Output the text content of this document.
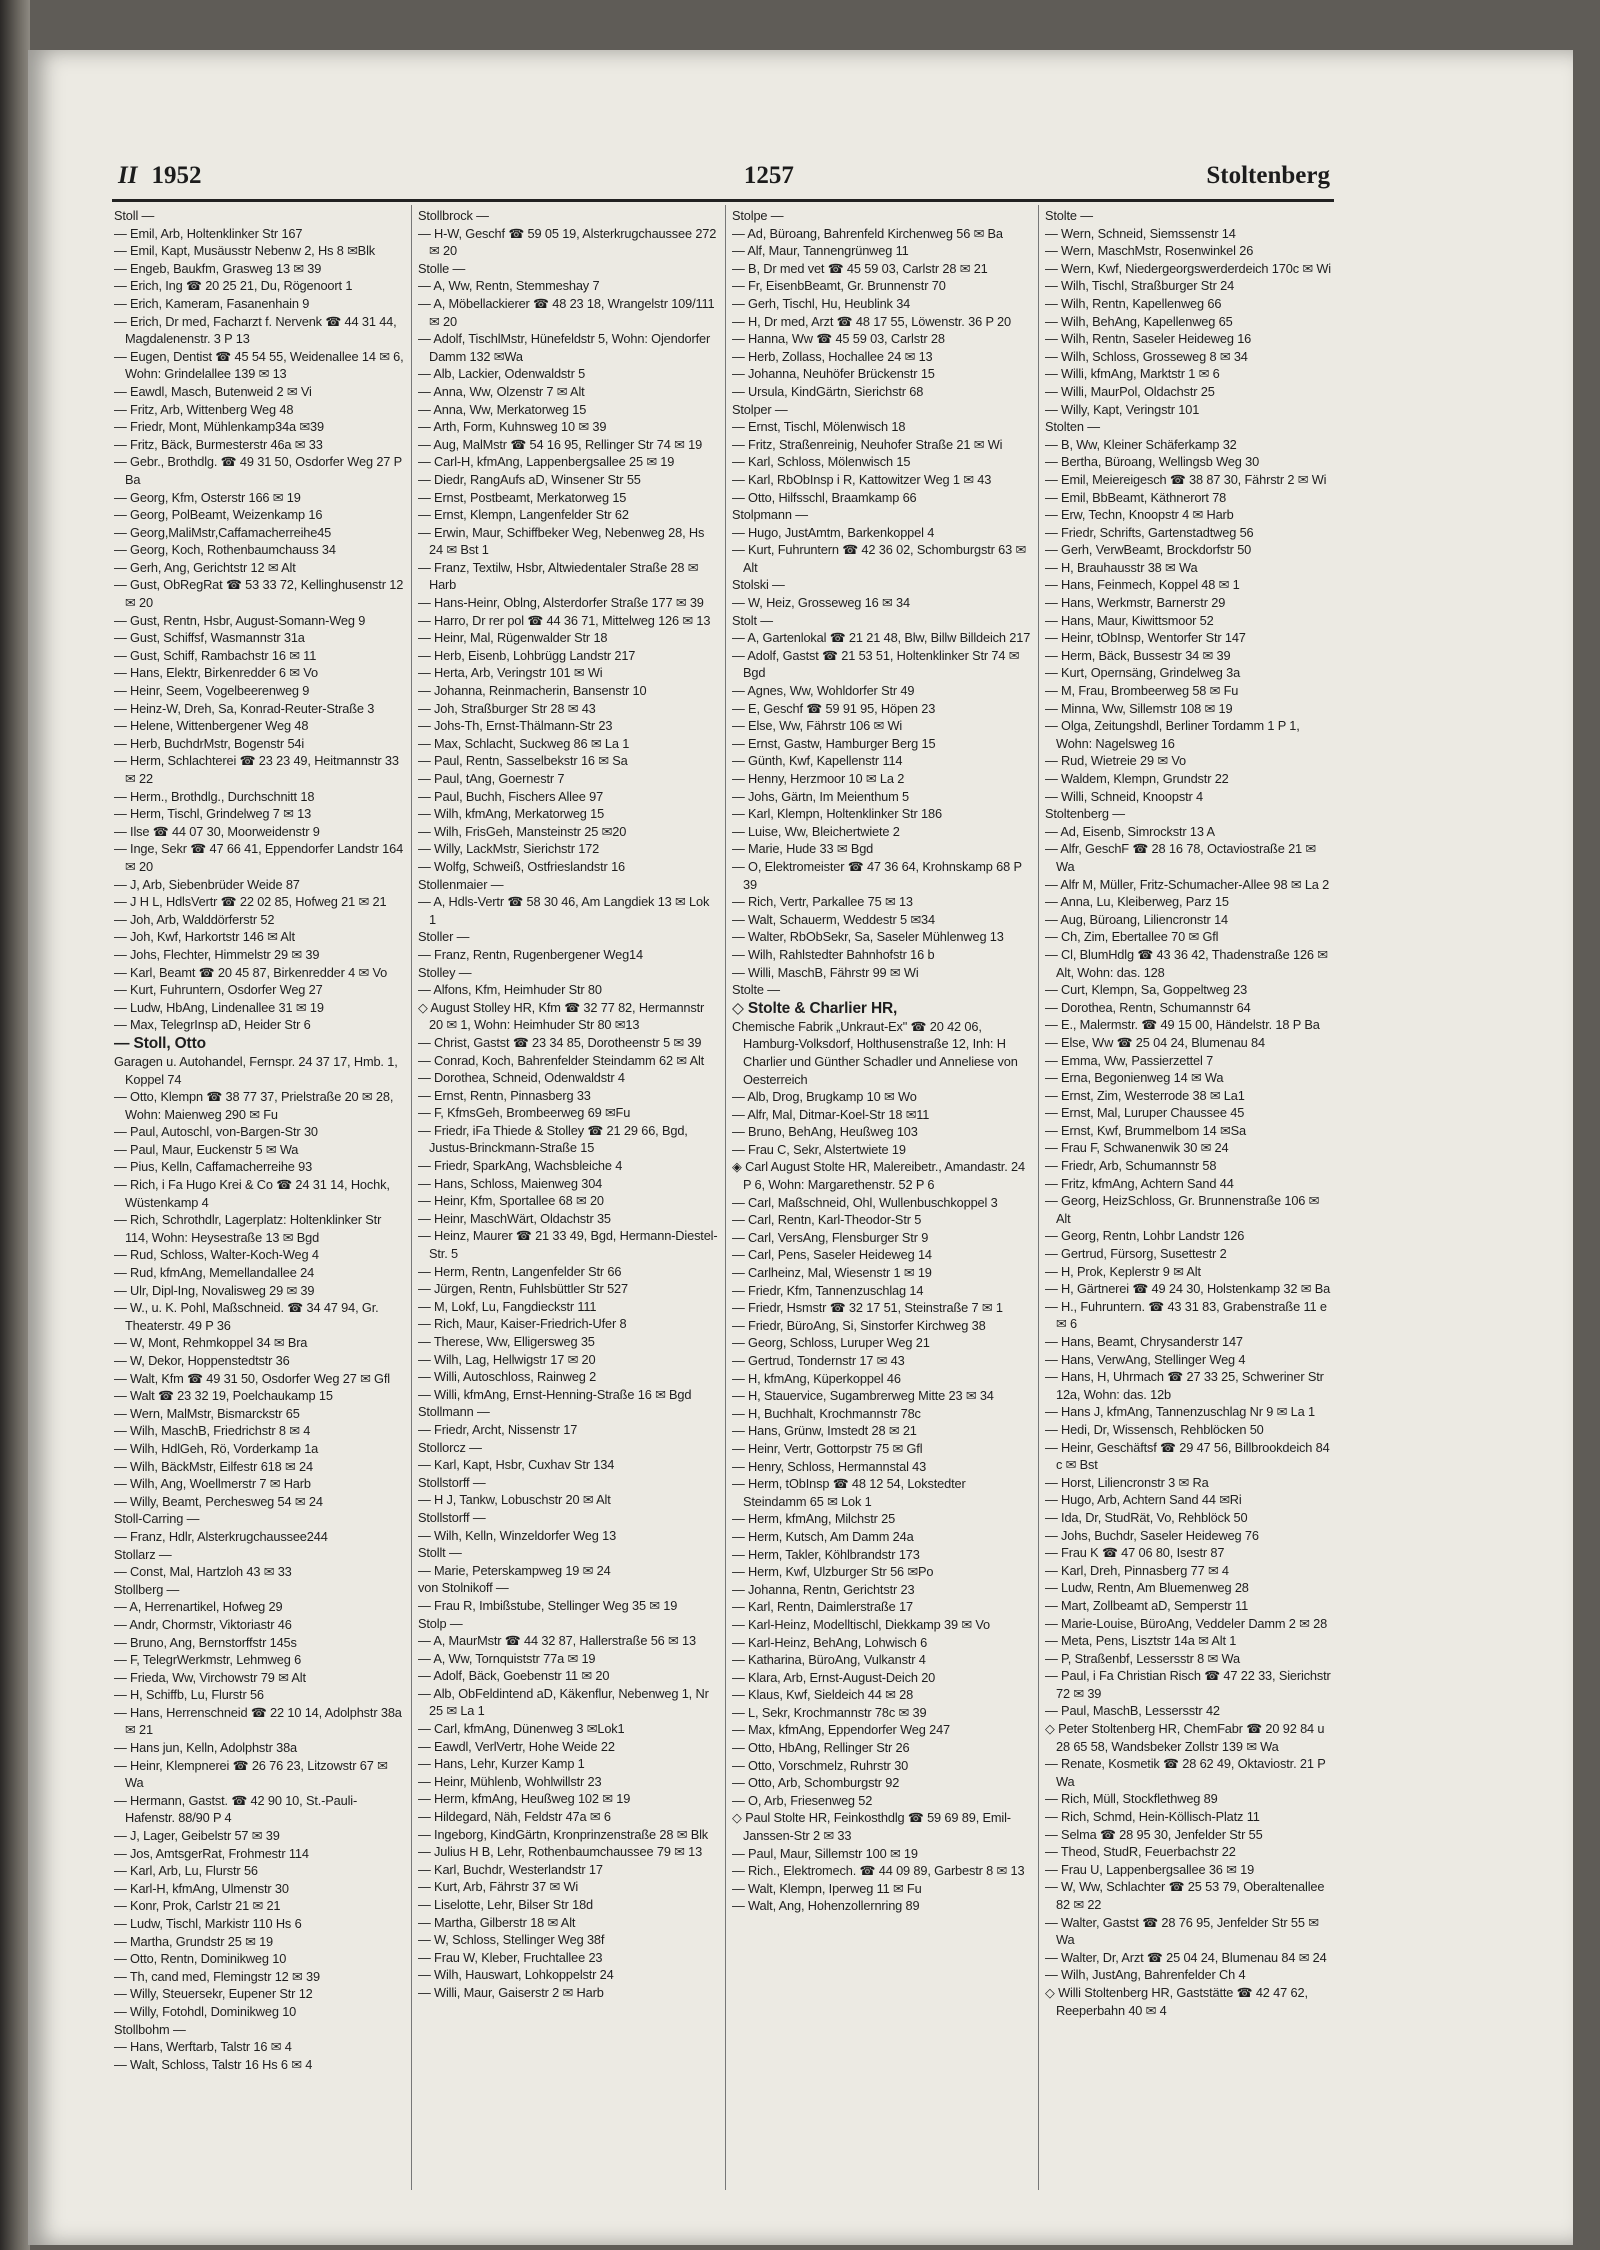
II 1952	1257	Stoltenberg
Stoll —
— Emil, Arb, Holtenklinker Str 167
— Emil, Kapt, Musäusstr Nebenw 2, Hs 8 ✉Blk
— Engeb, Baukfm, Grasweg 13 ✉ 39
— Erich, Ing ☎ 20 25 21, Du, Rögenoort 1
— Erich, Kameram, Fasanenhain 9
— Erich, Dr med, Facharzt f. Nervenk ☎ 44 31 44, Magdalenenstr. 3 P 13
— Eugen, Dentist ☎ 45 54 55, Weidenallee 14 ✉ 6, Wohn: Grindelallee 139 ✉ 13
— Eawdl, Masch, Butenweid 2 ✉ Vi
— Fritz, Arb, Wittenberg Weg 48
— Friedr, Mont, Mühlenkamp34a ✉39
— Fritz, Bäck, Burmesterstr 46a ✉ 33
— Gebr., Brothdlg. ☎ 49 31 50, Osdorfer Weg 27 P Ba
— Georg, Kfm, Osterstr 166 ✉ 19
— Georg, PolBeamt, Weizenkamp 16
— Georg,MaliMstr,Caffamacherreihe45
— Georg, Koch, Rothenbaumchauss 34
— Gerh, Ang, Gerichtstr 12 ✉ Alt
— Gust, ObRegRat ☎ 53 33 72, Kellinghusenstr 12 ✉ 20
— Gust, Rentn, Hsbr, August-Somann-Weg 9
— Gust, Schiffsf, Wasmannstr 31a
— Gust, Schiff, Rambachstr 16 ✉ 11
— Hans, Elektr, Birkenredder 6 ✉ Vo
— Heinr, Seem, Vogelbeerenweg 9
— Heinz-W, Dreh, Sa, Konrad-Reuter-Straße 3
— Helene, Wittenbergener Weg 48
— Herb, BuchdrMstr, Bogenstr 54i
— Herm, Schlachterei ☎ 23 23 49, Heitmannstr 33 ✉ 22
— Herm., Brothdlg., Durchschnitt 18
— Herm, Tischl, Grindelweg 7 ✉ 13
— Ilse ☎ 44 07 30, Moorweidenstr 9
— Inge, Sekr ☎ 47 66 41, Eppendorfer Landstr 164 ✉ 20
— J, Arb, Siebenbrüder Weide 87
— J H L, HdlsVertr ☎ 22 02 85, Hofweg 21 ✉ 21
— Joh, Arb, Walddörferstr 52
— Joh, Kwf, Harkortstr 146 ✉ Alt
— Johs, Flechter, Himmelstr 29 ✉ 39
— Karl, Beamt ☎ 20 45 87, Birkenredder 4 ✉ Vo
— Kurt, Fuhruntern, Osdorfer Weg 27
— Ludw, HbAng, Lindenallee 31 ✉ 19
— Max, TelegrInsp aD, Heider Str 6
— Stoll, Otto
Garagen u. Autohandel, Fernspr. 24 37 17, Hmb. 1, Koppel 74
— Otto, Klempn ☎ 38 77 37, Prielstraße 20 ✉ 28, Wohn: Maienweg 290 ✉ Fu
— Paul, Autoschl, von-Bargen-Str 30
— Paul, Maur, Euckenstr 5 ✉ Wa
— Pius, Kelln, Caffamacherreihe 93
— Rich, i Fa Hugo Krei & Co ☎ 24 31 14, Hochk, Wüstenkamp 4
— Rich, Schrothdlr, Lagerplatz: Holtenklinker Str 114, Wohn: Heysestraße 13 ✉ Bgd
— Rud, Schloss, Walter-Koch-Weg 4
— Rud, kfmAng, Memellandallee 24
— Ulr, Dipl-Ing, Novalisweg 29 ✉ 39
— W., u. K. Pohl, Maßschneid. ☎ 34 47 94, Gr. Theaterstr. 49 P 36
— W, Mont, Rehmkoppel 34 ✉ Bra
— W, Dekor, Hoppenstedtstr 36
— Walt, Kfm ☎ 49 31 50, Osdorfer Weg 27 ✉ Gfl
— Walt ☎ 23 32 19, Poelchaukamp 15
— Wern, MalMstr, Bismarckstr 65
— Wilh, MaschB, Friedrichstr 8 ✉ 4
— Wilh, HdlGeh, Rö, Vorderkamp 1a
— Wilh, BäckMstr, Eilfestr 618 ✉ 24
— Wilh, Ang, Woellmerstr 7 ✉ Harb
— Willy, Beamt, Perchesweg 54 ✉ 24
Stoll-Carring —
— Franz, Hdlr, Alsterkrugchaussee244
Stollarz —
— Const, Mal, Hartzloh 43 ✉ 33
Stollberg —
— A, Herrenartikel, Hofweg 29
— Andr, Chormstr, Viktoriastr 46
— Bruno, Ang, Bernstorffstr 145s
— F, TelegrWerkmstr, Lehmweg 6
— Frieda, Ww, Virchowstr 79 ✉ Alt
— H, Schiffb, Lu, Flurstr 56
— Hans, Herrenschneid ☎ 22 10 14, Adolphstr 38a ✉ 21
— Hans jun, Kelln, Adolphstr 38a
— Heinr, Klempnerei ☎ 26 76 23, Litzowstr 67 ✉ Wa
— Hermann, Gastst. ☎ 42 90 10, St.-Pauli-Hafenstr. 88/90 P 4
— J, Lager, Geibelstr 57 ✉ 39
— Jos, AmtsgerRat, Frohmestr 114
— Karl, Arb, Lu, Flurstr 56
— Karl-H, kfmAng, Ulmenstr 30
— Konr, Prok, Carlstr 21 ✉ 21
— Ludw, Tischl, Markistr 110 Hs 6
— Martha, Grundstr 25 ✉ 19
— Otto, Rentn, Dominikweg 10
— Th, cand med, Flemingstr 12 ✉ 39
— Willy, Steuersekr, Eupener Str 12
— Willy, Fotohdl, Dominikweg 10
Stollbohm —
— Hans, Werftarb, Talstr 16 ✉ 4
— Walt, Schloss, Talstr 16 Hs 6 ✉ 4
Stollbrock —
— H-W, Geschf ☎ 59 05 19, Alsterkrugchaussee 272 ✉ 20
Stolle —
— A, Ww, Rentn, Stemmeshay 7
— A, Möbellackierer ☎ 48 23 18, Wrangelstr 109/111 ✉ 20
— Adolf, TischlMstr, Hünefeldstr 5, Wohn: Ojendorfer Damm 132 ✉Wa
— Alb, Lackier, Odenwaldstr 5
— Anna, Ww, Olzenstr 7 ✉ Alt
— Anna, Ww, Merkatorweg 15
— Arth, Form, Kuhnsweg 10 ✉ 39
— Aug, MalMstr ☎ 54 16 95, Rellinger Str 74 ✉ 19
— Carl-H, kfmAng, Lappenbergsallee 25 ✉ 19
— Diedr, RangAufs aD, Winsener Str 55
— Ernst, Postbeamt, Merkatorweg 15
— Ernst, Klempn, Langenfelder Str 62
— Erwin, Maur, Schiffbeker Weg, Nebenweg 28, Hs 24 ✉ Bst 1
— Franz, Textilw, Hsbr, Altwiedentaler Straße 28 ✉ Harb
— Hans-Heinr, Oblng, Alsterdorfer Straße 177 ✉ 39
— Harro, Dr rer pol ☎ 44 36 71, Mittelweg 126 ✉ 13
— Heinr, Mal, Rügenwalder Str 18
— Herb, Eisenb, Lohbrügg Landstr 217
— Herta, Arb, Veringstr 101 ✉ Wi
— Johanna, Reinmacherin, Bansenstr 10
— Joh, Straßburger Str 28 ✉ 43
— Johs-Th, Ernst-Thälmann-Str 23
— Max, Schlacht, Suckweg 86 ✉ La 1
— Paul, Rentn, Sasselbekstr 16 ✉ Sa
— Paul, tAng, Goernestr 7
— Paul, Buchh, Fischers Allee 97
— Wilh, kfmAng, Merkatorweg 15
— Wilh, FrisGeh, Mansteinstr 25 ✉20
— Willy, LackMstr, Sierichstr 172
— Wolfg, Schweiß, Ostfrieslandstr 16
Stollenmaier —
— A, Hdls-Vertr ☎ 58 30 46, Am Langdiek 13 ✉ Lok 1
Stoller —
— Franz, Rentn, Rugenbergener Weg14
Stolley —
— Alfons, Kfm, Heimhuder Str 80
◇ August Stolley HR, Kfm ☎ 32 77 82, Hermannstr 20 ✉ 1, Wohn: Heimhuder Str 80 ✉13
— Christ, Gastst ☎ 23 34 85, Dorotheenstr 5 ✉ 39
— Conrad, Koch, Bahrenfelder Steindamm 62 ✉ Alt
— Dorothea, Schneid, Odenwaldstr 4
— Ernst, Rentn, Pinnasberg 33
— F, KfmsGeh, Brombeerweg 69 ✉Fu
— Friedr, iFa Thiede & Stolley ☎ 21 29 66, Bgd, Justus-Brinckmann-Straße 15
— Friedr, SparkAng, Wachsbleiche 4
— Hans, Schloss, Maienweg 304
— Heinr, Kfm, Sportallee 68 ✉ 20
— Heinr, MaschWärt, Oldachstr 35
— Heinz, Maurer ☎ 21 33 49, Bgd, Hermann-Diestel-Str. 5
— Herm, Rentn, Langenfelder Str 66
— Jürgen, Rentn, Fuhlsbüttler Str 527
— M, Lokf, Lu, Fangdieckstr 111
— Rich, Maur, Kaiser-Friedrich-Ufer 8
— Therese, Ww, Elligersweg 35
— Wilh, Lag, Hellwigstr 17 ✉ 20
— Willi, Autoschloss, Rainweg 2
— Willi, kfmAng, Ernst-Henning-Straße 16 ✉ Bgd
Stollmann —
— Friedr, Archt, Nissenstr 17
Stollorcz —
— Karl, Kapt, Hsbr, Cuxhav Str 134
Stollstorff —
— H J, Tankw, Lobuschstr 20 ✉ Alt
Stollstorff —
— Wilh, Kelln, Winzeldorfer Weg 13
Stollt —
— Marie, Peterskampweg 19 ✉ 24
von Stolnikoff —
— Frau R, Imbißstube, Stellinger Weg 35 ✉ 19
Stolp —
— A, MaurMstr ☎ 44 32 87, Hallerstraße 56 ✉ 13
— A, Ww, Tornquiststr 77a ✉ 19
— Adolf, Bäck, Goebenstr 11 ✉ 20
— Alb, ObFeldintend aD, Käkenflur, Nebenweg 1, Nr 25 ✉ La 1
— Carl, kfmAng, Dünenweg 3 ✉Lok1
— Eawdl, VerlVertr, Hohe Weide 22
— Hans, Lehr, Kurzer Kamp 1
— Heinr, Mühlenb, Wohlwillstr 23
— Herm, kfmAng, Heußweg 102 ✉ 19
— Hildegard, Näh, Feldstr 47a ✉ 6
— Ingeborg, KindGärtn, Kronprinzenstraße 28 ✉ Blk
— Julius H B, Lehr, Rothenbaumchaussee 79 ✉ 13
— Karl, Buchdr, Westerlandstr 17
— Kurt, Arb, Fährstr 37 ✉ Wi
— Liselotte, Lehr, Bilser Str 18d
— Martha, Gilberstr 18 ✉ Alt
— W, Schloss, Stellinger Weg 38f
— Frau W, Kleber, Fruchtallee 23
— Wilh, Hauswart, Lohkoppelstr 24
— Willi, Maur, Gaiserstr 2 ✉ Harb
Stolpe —
— Ad, Büroang, Bahrenfeld Kirchenweg 56 ✉ Ba
— Alf, Maur, Tannengrünweg 11
— B, Dr med vet ☎ 45 59 03, Carlstr 28 ✉ 21
— Fr, EisenbBeamt, Gr. Brunnenstr 70
— Gerh, Tischl, Hu, Heublink 34
— H, Dr med, Arzt ☎ 48 17 55, Löwenstr. 36 P 20
— Hanna, Ww ☎ 45 59 03, Carlstr 28
— Herb, Zollass, Hochallee 24 ✉ 13
— Johanna, Neuhöfer Brückenstr 15
— Ursula, KindGärtn, Sierichstr 68
Stolper —
— Ernst, Tischl, Mölenwisch 18
— Fritz, Straßenreinig, Neuhofer Straße 21 ✉ Wi
— Karl, Schloss, Mölenwisch 15
— Karl, RbObInsp i R, Kattowitzer Weg 1 ✉ 43
— Otto, Hilfsschl, Braamkamp 66
Stolpmann —
— Hugo, JustAmtm, Barkenkoppel 4
— Kurt, Fuhruntern ☎ 42 36 02, Schomburgstr 63 ✉ Alt
Stolski —
— W, Heiz, Grosseweg 16 ✉ 34
Stolt —
— A, Gartenlokal ☎ 21 21 48, Blw, Billw Billdeich 217
— Adolf, Gastst ☎ 21 53 51, Holtenklinker Str 74 ✉ Bgd
— Agnes, Ww, Wohldorfer Str 49
— E, Geschf ☎ 59 91 95, Höpen 23
— Else, Ww, Fährstr 106 ✉ Wi
— Ernst, Gastw, Hamburger Berg 15
— Günth, Kwf, Kapellenstr 114
— Henny, Herzmoor 10 ✉ La 2
— Johs, Gärtn, Im Meienthum 5
— Karl, Klempn, Holtenklinker Str 186
— Luise, Ww, Bleichertwiete 2
— Marie, Hude 33 ✉ Bgd
— O, Elektromeister ☎ 47 36 64, Krohnskamp 68 P 39
— Rich, Vertr, Parkallee 75 ✉ 13
— Walt, Schauerm, Weddestr 5 ✉34
— Walter, RbObSekr, Sa, Saseler Mühlenweg 13
— Wilh, Rahlstedter Bahnhofstr 16 b
— Willi, MaschB, Fährstr 99 ✉ Wi
Stolte —
◇ Stolte & Charlier HR,
Chemische Fabrik „Unkraut-Ex" ☎ 20 42 06, Hamburg-Volksdorf, Holthusenstraße 12, Inh: H Charlier und Günther Schadler und Anneliese von Oesterreich
— Alb, Drog, Brugkamp 10 ✉ Wo
— Alfr, Mal, Ditmar-Koel-Str 18 ✉11
— Bruno, BehAng, Heußweg 103
— Frau C, Sekr, Alstertwiete 19
◈ Carl August Stolte HR, Malereibetr., Amandastr. 24 P 6, Wohn: Margarethenstr. 52 P 6
— Carl, Maßschneid, Ohl, Wullenbuschkoppel 3
— Carl, Rentn, Karl-Theodor-Str 5
— Carl, VersAng, Flensburger Str 9
— Carl, Pens, Saseler Heideweg 14
— Carlheinz, Mal, Wiesenstr 1 ✉ 19
— Friedr, Kfm, Tannenzuschlag 14
— Friedr, Hsmstr ☎ 32 17 51, Steinstraße 7 ✉ 1
— Friedr, BüroAng, Si, Sinstorfer Kirchweg 38
— Georg, Schloss, Luruper Weg 21
— Gertrud, Tondernstr 17 ✉ 43
— H, kfmAng, Küperkoppel 46
— H, Stauervice, Sugambrerweg Mitte 23 ✉ 34
— H, Buchhalt, Krochmannstr 78c
— Hans, Grünw, Imstedt 28 ✉ 21
— Heinr, Vertr, Gottorpstr 75 ✉ Gfl
— Henry, Schloss, Hermannstal 43
— Herm, tObInsp ☎ 48 12 54, Lokstedter Steindamm 65 ✉ Lok 1
— Herm, kfmAng, Milchstr 25
— Herm, Kutsch, Am Damm 24a
— Herm, Takler, Köhlbrandstr 173
— Herm, Kwf, Ulzburger Str 56 ✉Po
— Johanna, Rentn, Gerichtstr 23
— Karl, Rentn, Daimlerstraße 17
— Karl-Heinz, Modelltischl, Diekkamp 39 ✉ Vo
— Karl-Heinz, BehAng, Lohwisch 6
— Katharina, BüroAng, Vulkanstr 4
— Klara, Arb, Ernst-August-Deich 20
— Klaus, Kwf, Sieldeich 44 ✉ 28
— L, Sekr, Krochmannstr 78c ✉ 39
— Max, kfmAng, Eppendorfer Weg 247
— Otto, HbAng, Rellinger Str 26
— Otto, Vorschmelz, Ruhrstr 30
— Otto, Arb, Schomburgstr 92
— O, Arb, Friesenweg 52
◇ Paul Stolte HR, Feinkosthdlg ☎ 59 69 89, Emil-Janssen-Str 2 ✉ 33
— Paul, Maur, Sillemstr 100 ✉ 19
— Rich., Elektromech. ☎ 44 09 89, Garbestr 8 ✉ 13
— Walt, Klempn, Iperweg 11 ✉ Fu
— Walt, Ang, Hohenzollernring 89
Stolte —
— Wern, Schneid, Siemssenstr 14
— Wern, MaschMstr, Rosenwinkel 26
— Wern, Kwf, Niedergeorgswerderdeich 170c ✉ Wi
— Wilh, Tischl, Straßburger Str 24
— Wilh, Rentn, Kapellenweg 66
— Wilh, BehAng, Kapellenweg 65
— Wilh, Rentn, Saseler Heideweg 16
— Wilh, Schloss, Grosseweg 8 ✉ 34
— Willi, kfmAng, Marktstr 1 ✉ 6
— Willi, MaurPol, Oldachstr 25
— Willy, Kapt, Veringstr 101
Stolten —
— B, Ww, Kleiner Schäferkamp 32
— Bertha, Büroang, Wellingsb Weg 30
— Emil, Meiereigesch ☎ 38 87 30, Fährstr 2 ✉ Wi
— Emil, BbBeamt, Käthnerort 78
— Erw, Techn, Knoopstr 4 ✉ Harb
— Friedr, Schrifts, Gartenstadtweg 56
— Gerh, VerwBeamt, Brockdorfstr 50
— H, Brauhausstr 38 ✉ Wa
— Hans, Feinmech, Koppel 48 ✉ 1
— Hans, Werkmstr, Barnerstr 29
— Hans, Maur, Kiwittsmoor 52
— Heinr, tObInsp, Wentorfer Str 147
— Herm, Bäck, Bussestr 34 ✉ 39
— Kurt, Opernsäng, Grindelweg 3a
— M, Frau, Brombeerweg 58 ✉ Fu
— Minna, Ww, Sillemstr 108 ✉ 19
— Olga, Zeitungshdl, Berliner Tordamm 1 P 1, Wohn: Nagelsweg 16
— Rud, Wietreie 29 ✉ Vo
— Waldem, Klempn, Grundstr 22
— Willi, Schneid, Knoopstr 4
Stoltenberg —
— Ad, Eisenb, Simrockstr 13 A
— Alfr, GeschF ☎ 28 16 78, Octaviostraße 21 ✉ Wa
— Alfr M, Müller, Fritz-Schumacher-Allee 98 ✉ La 2
— Anna, Lu, Kleiberweg, Parz 15
— Aug, Büroang, Liliencronstr 14
— Ch, Zim, Ebertallee 70 ✉ Gfl
— Cl, BlumHdlg ☎ 43 36 42, Thadenstraße 126 ✉ Alt, Wohn: das. 128
— Curt, Klempn, Sa, Goppeltweg 23
— Dorothea, Rentn, Schumannstr 64
— E., Malermstr. ☎ 49 15 00, Händelstr. 18 P Ba
— Else, Ww ☎ 25 04 24, Blumenau 84
— Emma, Ww, Passierzettel 7
— Erna, Begonienweg 14 ✉ Wa
— Ernst, Zim, Westerrode 38 ✉ La1
— Ernst, Mal, Luruper Chaussee 45
— Ernst, Kwf, Brummelbom 14 ✉Sa
— Frau F, Schwanenwik 30 ✉ 24
— Friedr, Arb, Schumannstr 58
— Fritz, kfmAng, Achtern Sand 44
— Georg, HeizSchloss, Gr. Brunnenstraße 106 ✉ Alt
— Georg, Rentn, Lohbr Landstr 126
— Gertrud, Fürsorg, Susettestr 2
— H, Prok, Keplerstr 9 ✉ Alt
— H, Gärtnerei ☎ 49 24 30, Holstenkamp 32 ✉ Ba
— H., Fuhruntern. ☎ 43 31 83, Grabenstraße 11 e ✉ 6
— Hans, Beamt, Chrysanderstr 147
— Hans, VerwAng, Stellinger Weg 4
— Hans, H, Uhrmach ☎ 27 33 25, Schweriner Str 12a, Wohn: das. 12b
— Hans J, kfmAng, Tannenzuschlag Nr 9 ✉ La 1
— Hedi, Dr, Wissensch, Rehblöcken 50
— Heinr, Geschäftsf ☎ 29 47 56, Billbrookdeich 84 c ✉ Bst
— Horst, Liliencronstr 3 ✉ Ra
— Hugo, Arb, Achtern Sand 44 ✉Ri
— Ida, Dr, StudRät, Vo, Rehblöck 50
— Johs, Buchdr, Saseler Heideweg 76
— Frau K ☎ 47 06 80, Isestr 87
— Karl, Dreh, Pinnasberg 77 ✉ 4
— Ludw, Rentn, Am Bluemenweg 28
— Mart, Zollbeamt aD, Semperstr 11
— Marie-Louise, BüroAng, Veddeler Damm 2 ✉ 28
— Meta, Pens, Lisztstr 14a ✉ Alt 1
— P, Straßenbf, Lessersstr 8 ✉ Wa
— Paul, i Fa Christian Risch ☎ 47 22 33, Sierichstr 72 ✉ 39
— Paul, MaschB, Lessersstr 42
◇ Peter Stoltenberg HR, ChemFabr ☎ 20 92 84 u 28 65 58, Wandsbeker Zollstr 139 ✉ Wa
— Renate, Kosmetik ☎ 28 62 49, Oktaviostr. 21 P Wa
— Rich, Müll, Stockflethweg 89
— Rich, Schmd, Hein-Köllisch-Platz 11
— Selma ☎ 28 95 30, Jenfelder Str 55
— Theod, StudR, Feuerbachstr 22
— Frau U, Lappenbergsallee 36 ✉ 19
— W, Ww, Schlachter ☎ 25 53 79, Oberaltenallee 82 ✉ 22
— Walter, Gastst ☎ 28 76 95, Jenfelder Str 55 ✉ Wa
— Walter, Dr, Arzt ☎ 25 04 24, Blumenau 84 ✉ 24
— Wilh, JustAng, Bahrenfelder Ch 4
◇ Willi Stoltenberg HR, Gaststätte ☎ 42 47 62, Reeperbahn 40 ✉ 4
